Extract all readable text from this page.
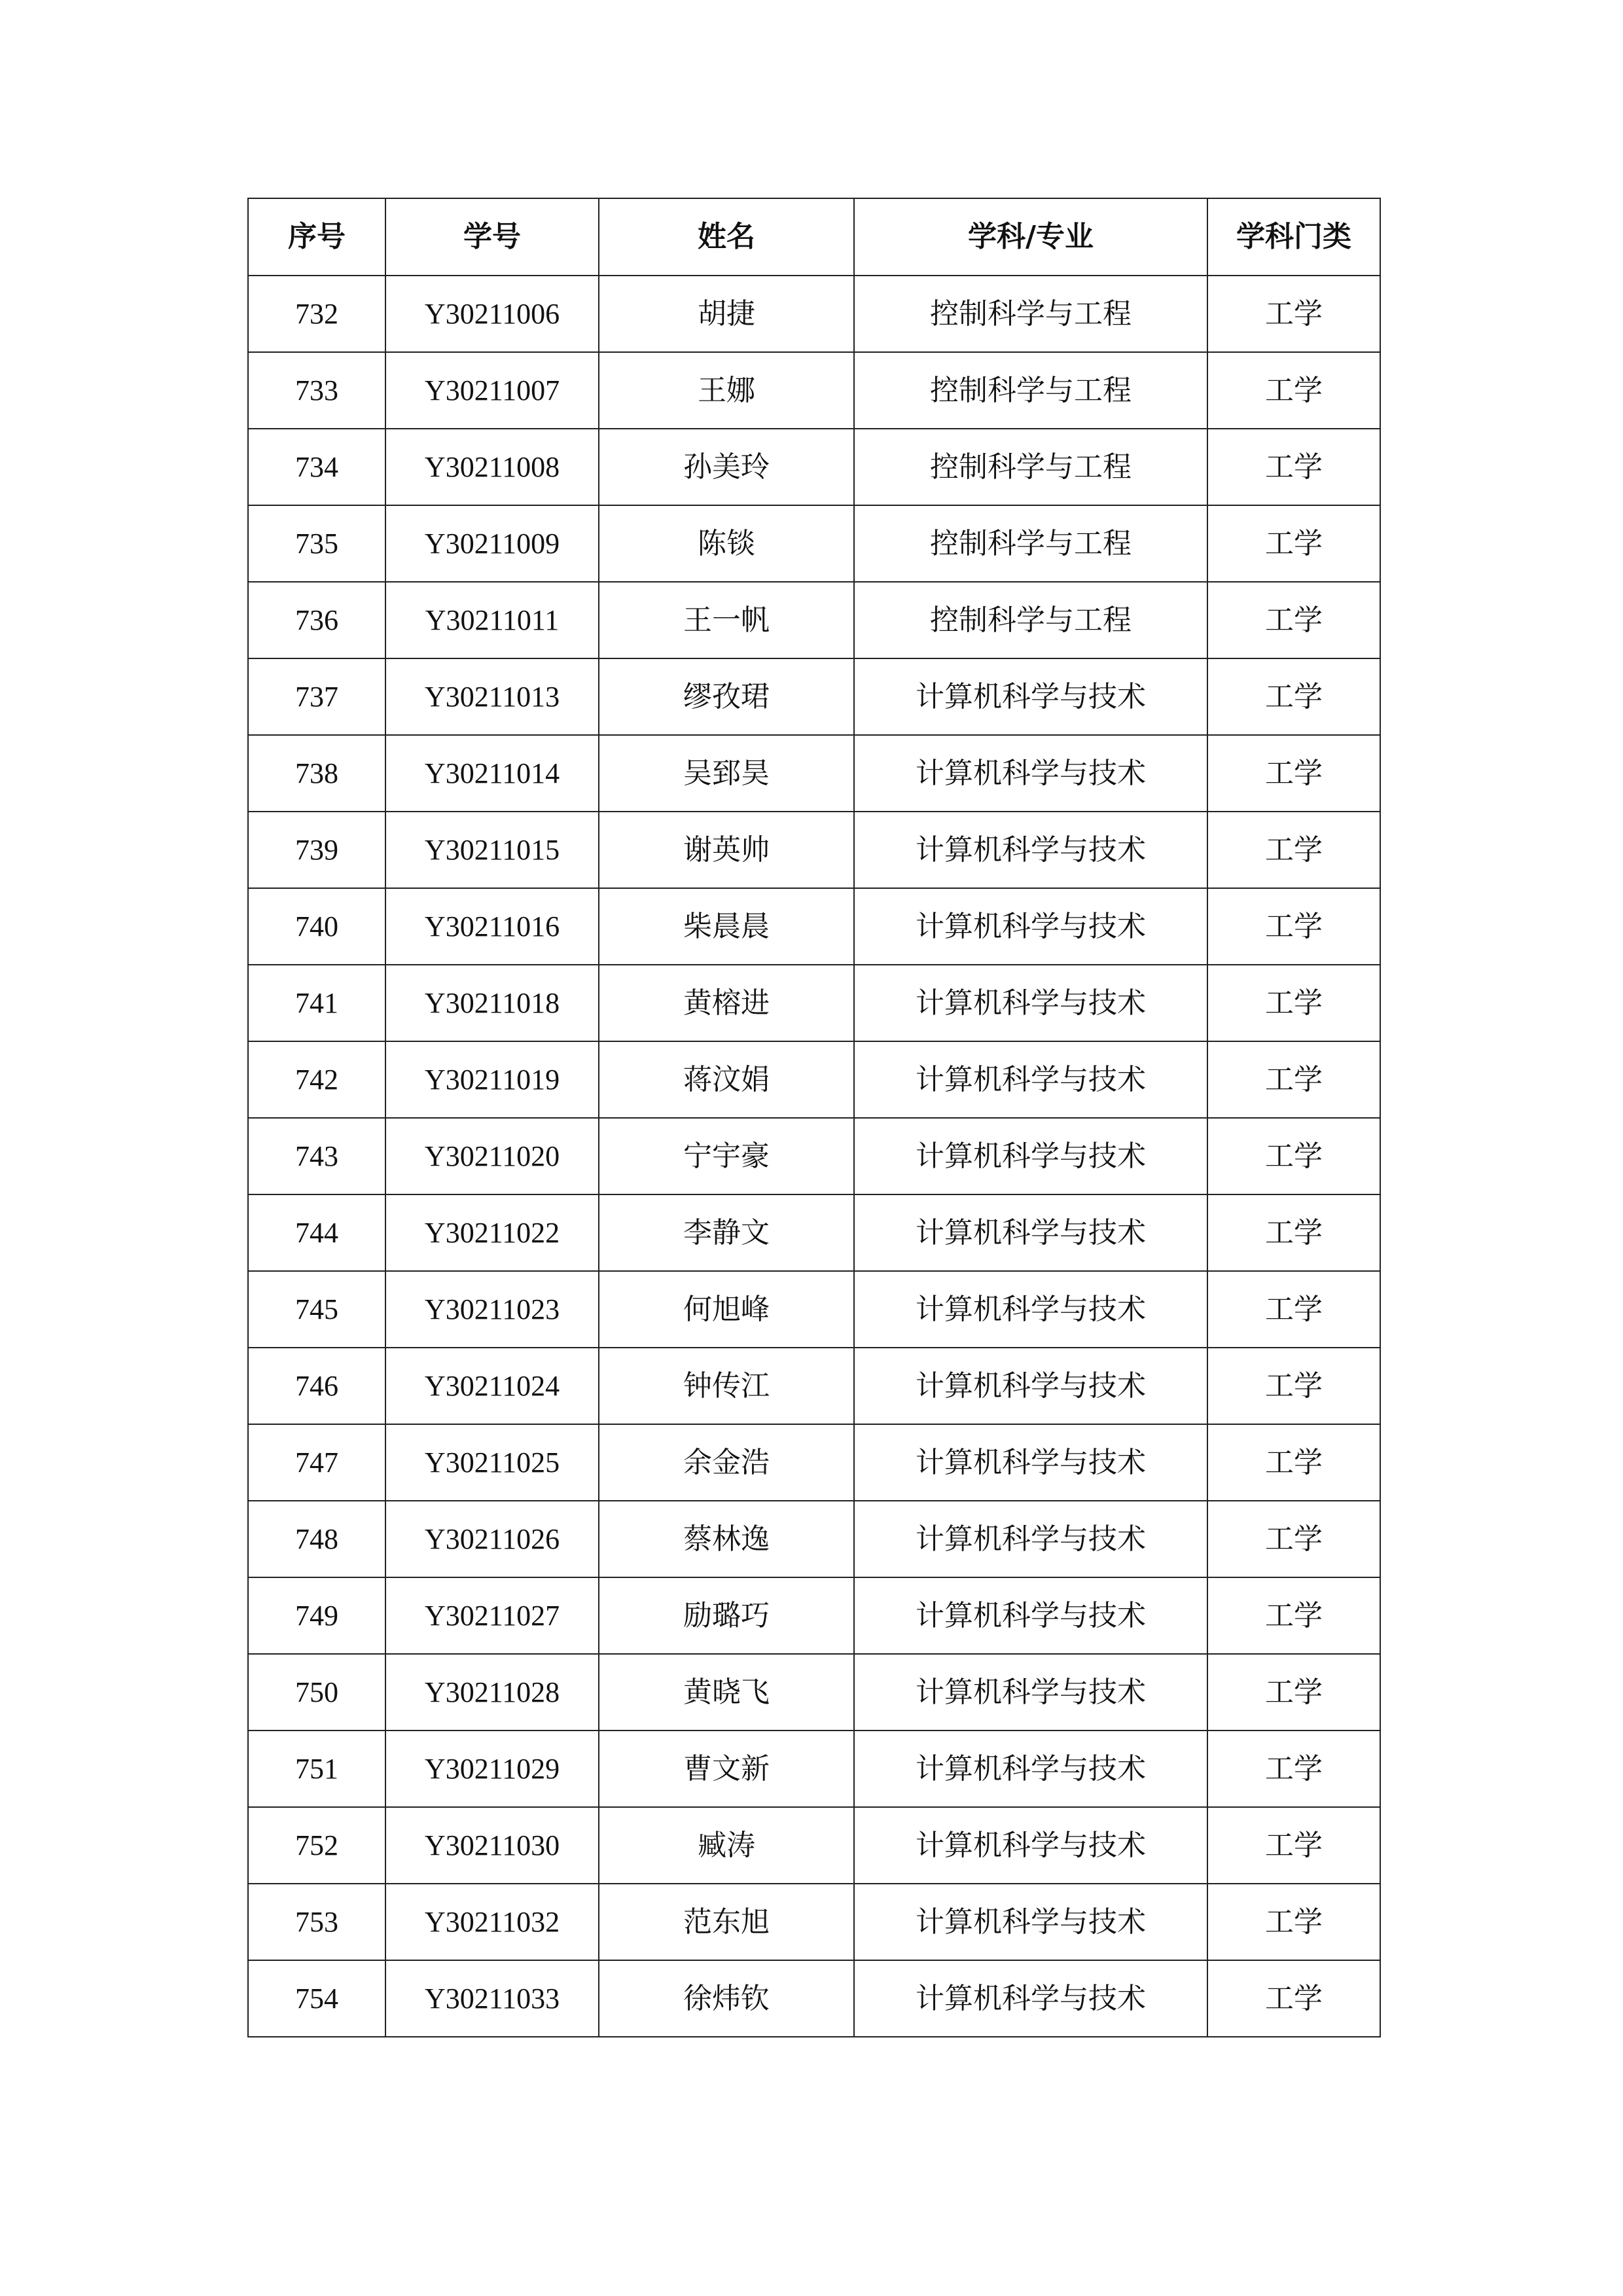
序号	学号	姓名	学科/专业	学科门类
732	Y30211006	胡捷	控制科学与工程	工学
733	Y30211007	王娜	控制科学与工程	工学
734	Y30211008	孙美玲	控制科学与工程	工学
735	Y30211009	陈锬	控制科学与工程	工学
736	Y30211011	王一帆	控制科学与工程	工学
737	Y30211013	缪孜珺	计算机科学与技术	工学
738	Y30211014	吴郅昊	计算机科学与技术	工学
739	Y30211015	谢英帅	计算机科学与技术	工学
740	Y30211016	柴晨晨	计算机科学与技术	工学
741	Y30211018	黄榕进	计算机科学与技术	工学
742	Y30211019	蒋汶娟	计算机科学与技术	工学
743	Y30211020	宁宇豪	计算机科学与技术	工学
744	Y30211022	李静文	计算机科学与技术	工学
745	Y30211023	何旭峰	计算机科学与技术	工学
746	Y30211024	钟传江	计算机科学与技术	工学
747	Y30211025	余金浩	计算机科学与技术	工学
748	Y30211026	蔡林逸	计算机科学与技术	工学
749	Y30211027	励璐巧	计算机科学与技术	工学
750	Y30211028	黄晓飞	计算机科学与技术	工学
751	Y30211029	曹文新	计算机科学与技术	工学
752	Y30211030	臧涛	计算机科学与技术	工学
753	Y30211032	范东旭	计算机科学与技术	工学
754	Y30211033	徐炜钦	计算机科学与技术	工学
